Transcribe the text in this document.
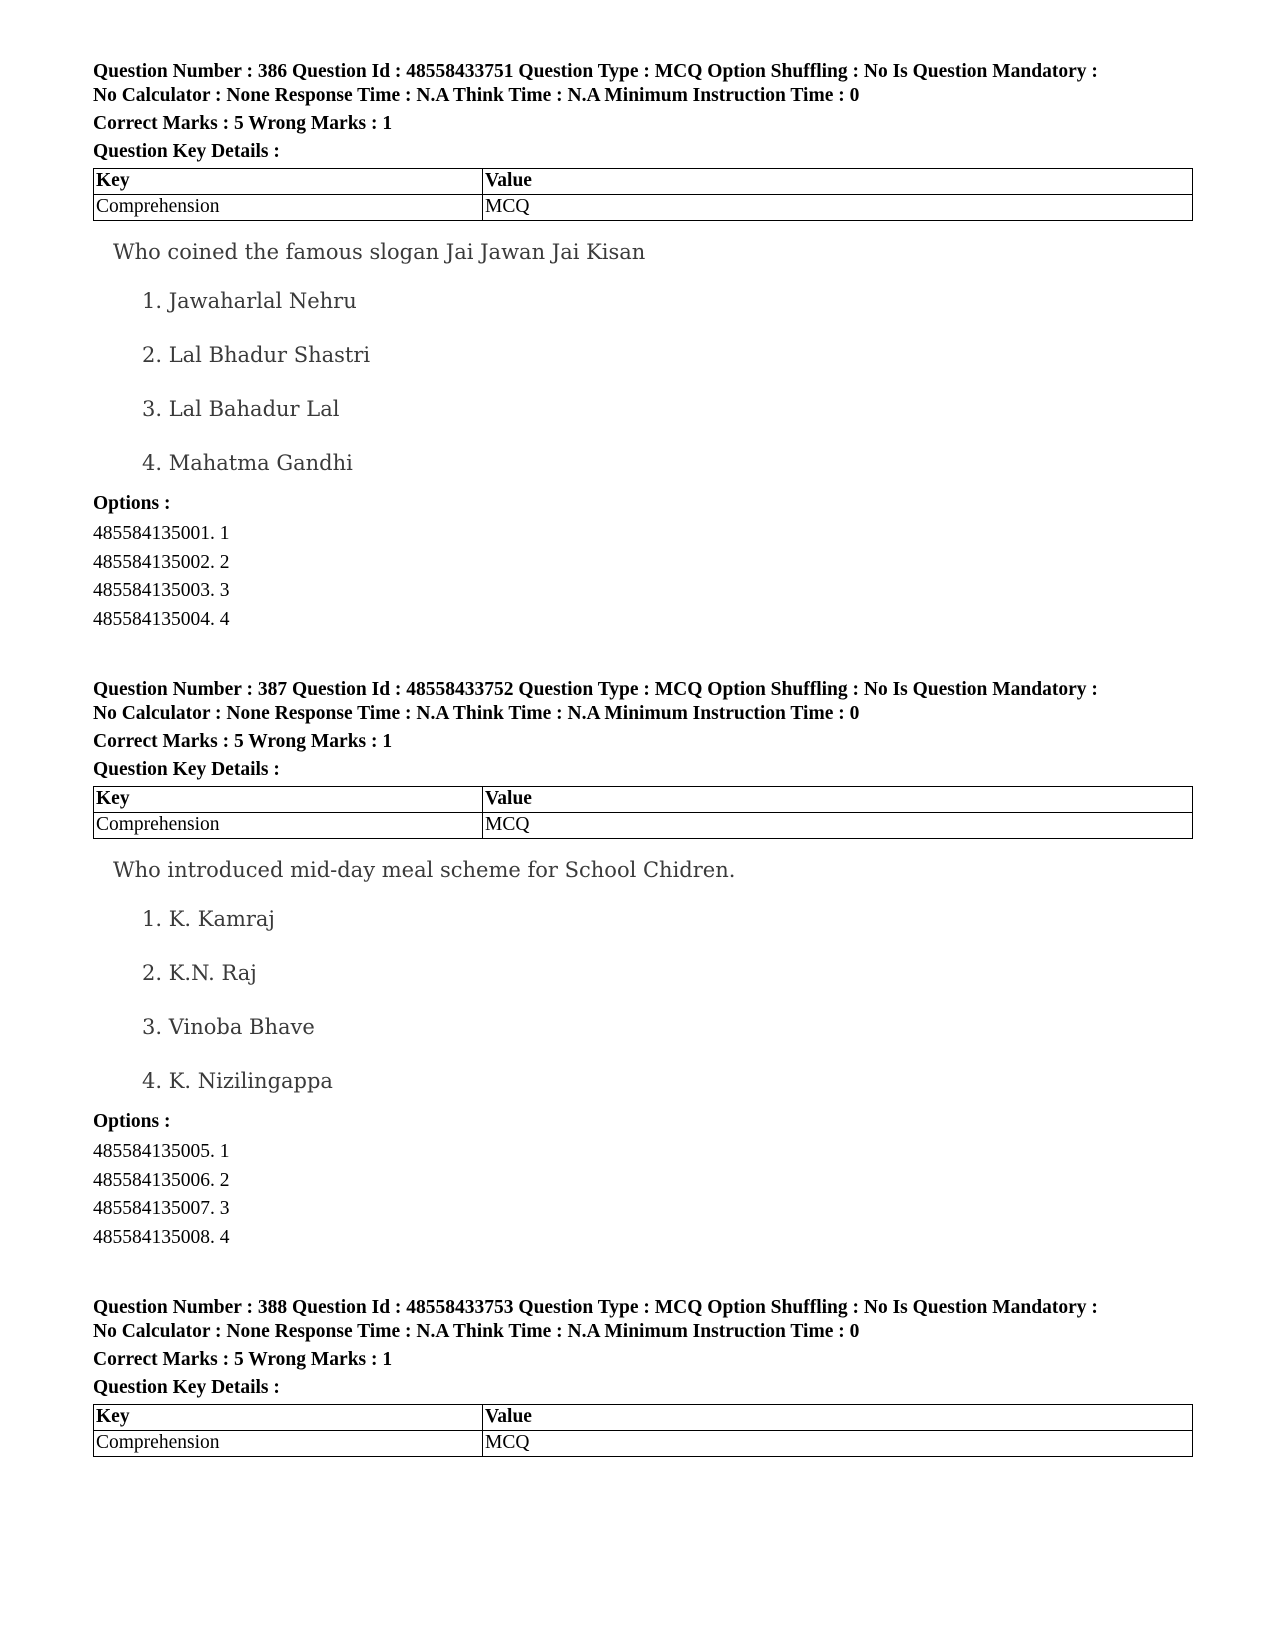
Question Number : 386 Question Id : 48558433751 Question Type : MCQ Option Shuffling : No Is Question Mandatory :
No Calculator : None Response Time : N.A Think Time : N.A Minimum Instruction Time : 0
Correct Marks : 5 Wrong Marks : 1
Question Key Details :
Key	Value
Comprehension	MCQ
Who coined the famous slogan Jai Jawan Jai Kisan
1. Jawaharlal Nehru
2. Lal Bhadur Shastri
3. Lal Bahadur Lal
4. Mahatma Gandhi
Options :
485584135001. 1
485584135002. 2
485584135003. 3
485584135004. 4
Question Number : 387 Question Id : 48558433752 Question Type : MCQ Option Shuffling : No Is Question Mandatory :
No Calculator : None Response Time : N.A Think Time : N.A Minimum Instruction Time : 0
Correct Marks : 5 Wrong Marks : 1
Question Key Details :
Key	Value
Comprehension	MCQ
Who introduced mid-day meal scheme for School Chidren.
1. K. Kamraj
2. K.N. Raj
3. Vinoba Bhave
4. K. Nizilingappa
Options :
485584135005. 1
485584135006. 2
485584135007. 3
485584135008. 4
Question Number : 388 Question Id : 48558433753 Question Type : MCQ Option Shuffling : No Is Question Mandatory :
No Calculator : None Response Time : N.A Think Time : N.A Minimum Instruction Time : 0
Correct Marks : 5 Wrong Marks : 1
Question Key Details :
Key	Value
Comprehension	MCQ
